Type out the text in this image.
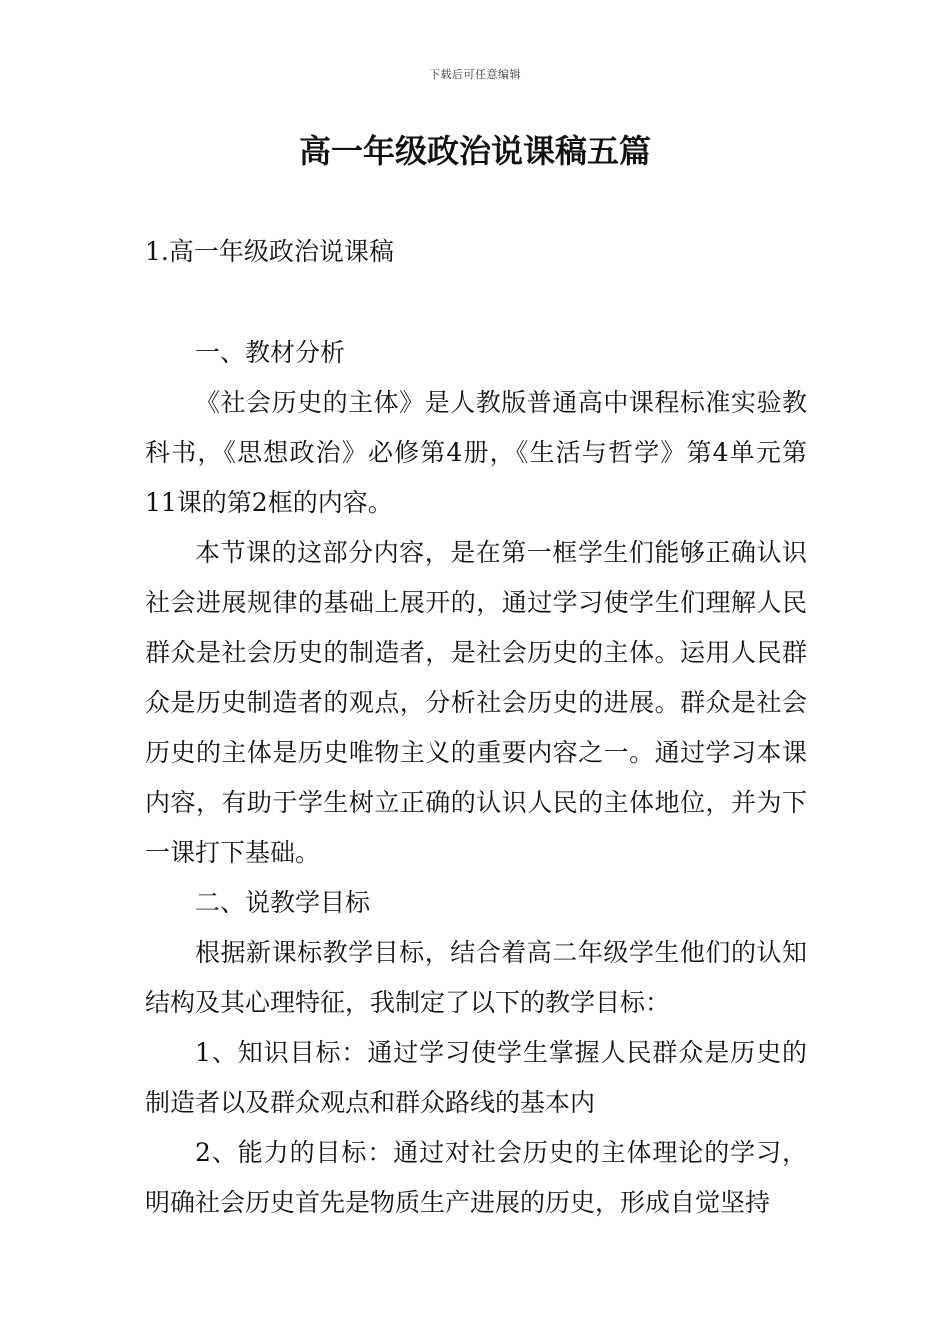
下载后可任意编辑
高一年级政治说课稿五篇
1.高一年级政治说课稿

一、教材分析

《社会历史的主体》是人教版普通高中课程标准实验教科书，《思想政治》必修第4册，《生活与哲学》第4单元第11课的第2框的内容。

本节课的这部分内容，是在第一框学生们能够正确认识社会进展规律的基础上展开的，通过学习使学生们理解人民群众是社会历史的制造者，是社会历史的主体。运用人民群众是历史制造者的观点，分析社会历史的进展。群众是社会历史的主体是历史唯物主义的重要内容之一。通过学习本课内容，有助于学生树立正确的认识人民的主体地位，并为下一课打下基础。

二、说教学目标

根据新课标教学目标，结合着高二年级学生他们的认知结构及其心理特征，我制定了以下的教学目标：

1、知识目标：通过学习使学生掌握人民群众是历史的制造者以及群众观点和群众路线的基本内

2、能力的目标：通过对社会历史的主体理论的学习，明确社会历史首先是物质生产进展的历史，形成自觉坚持
